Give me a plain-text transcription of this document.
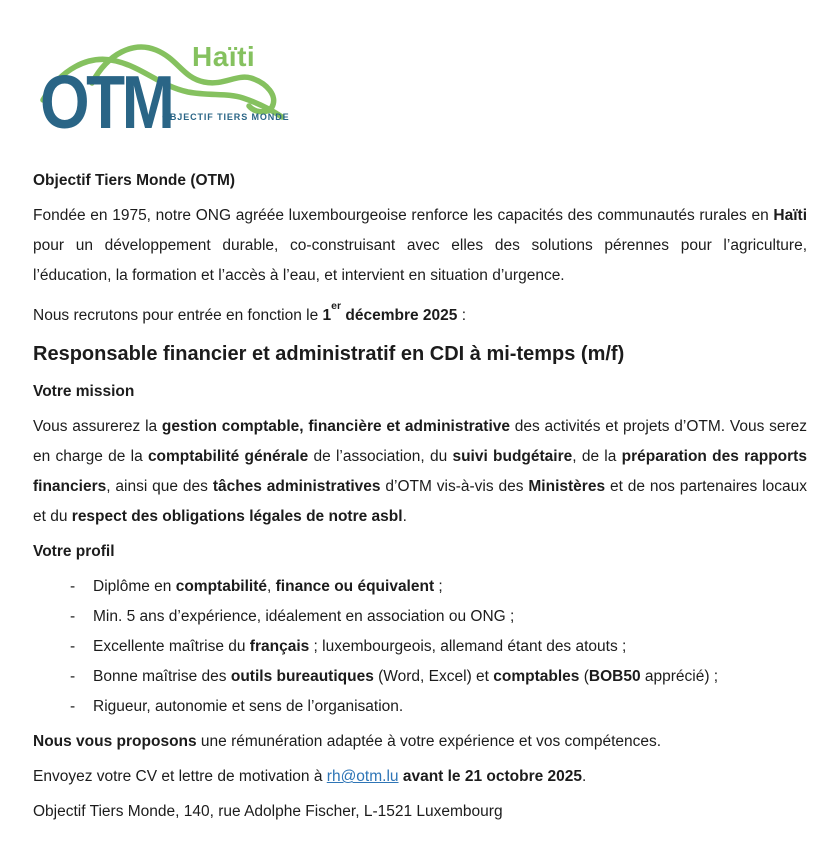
OTM
Haïti
OBJECTIF TIERS MONDE
Objectif Tiers Monde (OTM)

Fondée en 1975, notre ONG agréée luxembourgeoise renforce les capacités des communautés rurales en Haïti pour un développement durable, co-construisant avec elles des solutions pérennes pour l’agriculture, l’éducation, la formation et l’accès à l’eau, et intervient en situation d’urgence.

Nous recrutons pour entrée en fonction le 1er décembre 2025 :

Responsable financier et administratif en CDI à mi-temps (m/f)
Votre mission

Vous assurerez la gestion comptable, financière et administrative des activités et projets d’OTM. Vous serez en charge de la comptabilité générale de l’association, du suivi budgétaire, de la préparation des rapports financiers, ainsi que des tâches administratives d’OTM vis-à-vis des Ministères et de nos partenaires locaux et du respect des obligations légales de notre asbl.

Votre profil
- Diplôme en comptabilité, finance ou équivalent ;
- Min. 5 ans d’expérience, idéalement en association ou ONG ;
- Excellente maîtrise du français ; luxembourgeois, allemand étant des atouts ;
- Bonne maîtrise des outils bureautiques (Word, Excel) et comptables (BOB50 apprécié) ;
- Rigueur, autonomie et sens de l’organisation.

Nous vous proposons une rémunération adaptée à votre expérience et vos compétences.

Envoyez votre CV et lettre de motivation à rh@otm.lu avant le 21 octobre 2025.

Objectif Tiers Monde, 140, rue Adolphe Fischer, L-1521 Luxembourg
